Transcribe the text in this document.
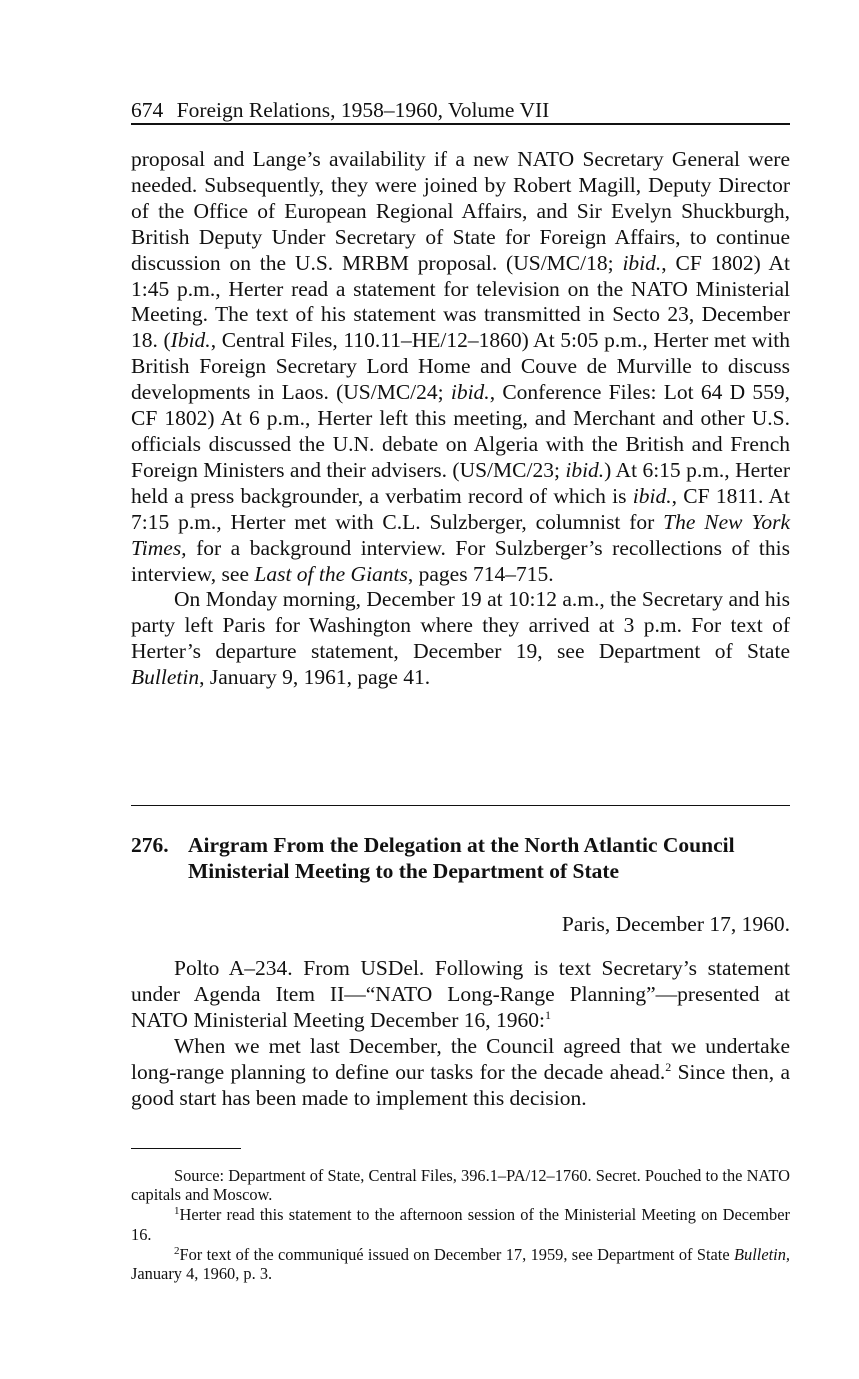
674 Foreign Relations, 1958–1960, Volume VII

proposal and Lange’s availability if a new NATO Secretary General were needed. Subsequently, they were joined by Robert Magill, Deputy Director of the Office of European Regional Affairs, and Sir Evelyn Shuckburgh, British Deputy Under Secretary of State for Foreign Affairs, to continue discussion on the U.S. MRBM proposal. (US/MC/18; ibid., CF 1802) At 1:45 p.m., Herter read a statement for television on the NATO Ministerial Meeting. The text of his statement was transmitted in Secto 23, December 18. (Ibid., Central Files, 110.11–HE/12–1860) At 5:05 p.m., Herter met with British Foreign Secretary Lord Home and Couve de Murville to discuss developments in Laos. (US/MC/24; ibid., Conference Files: Lot 64 D 559, CF 1802) At 6 p.m., Herter left this meeting, and Merchant and other U.S. officials discussed the U.N. debate on Algeria with the British and French Foreign Ministers and their advisers. (US/MC/23; ibid.) At 6:15 p.m., Herter held a press backgrounder, a verbatim record of which is ibid., CF 1811. At 7:15 p.m., Herter met with C.L. Sulzberger, columnist for The New York Times, for a background interview. For Sulzberger’s recollections of this interview, see Last of the Giants, pages 714–715.

On Monday morning, December 19 at 10:12 a.m., the Secretary and his party left Paris for Washington where they arrived at 3 p.m. For text of Herter’s departure statement, December 19, see Department of State Bulletin, January 9, 1961, page 41.

276. Airgram From the Delegation at the North Atlantic Council Ministerial Meeting to the Department of State
Paris, December 17, 1960.

Polto A–234. From USDel. Following is text Secretary’s statement under Agenda Item II—“NATO Long-Range Planning”—presented at NATO Ministerial Meeting December 16, 1960:$^1$

When we met last December, the Council agreed that we undertake long-range planning to define our tasks for the decade ahead.$^2$ Since then, a good start has been made to implement this decision.

Source: Department of State, Central Files, 396.1–PA/12–1760. Secret. Pouched to the NATO capitals and Moscow.

$^1$Herter read this statement to the afternoon session of the Ministerial Meeting on December 16.

$^2$For text of the communiqué issued on December 17, 1959, see Department of State Bulletin, January 4, 1960, p. 3.
